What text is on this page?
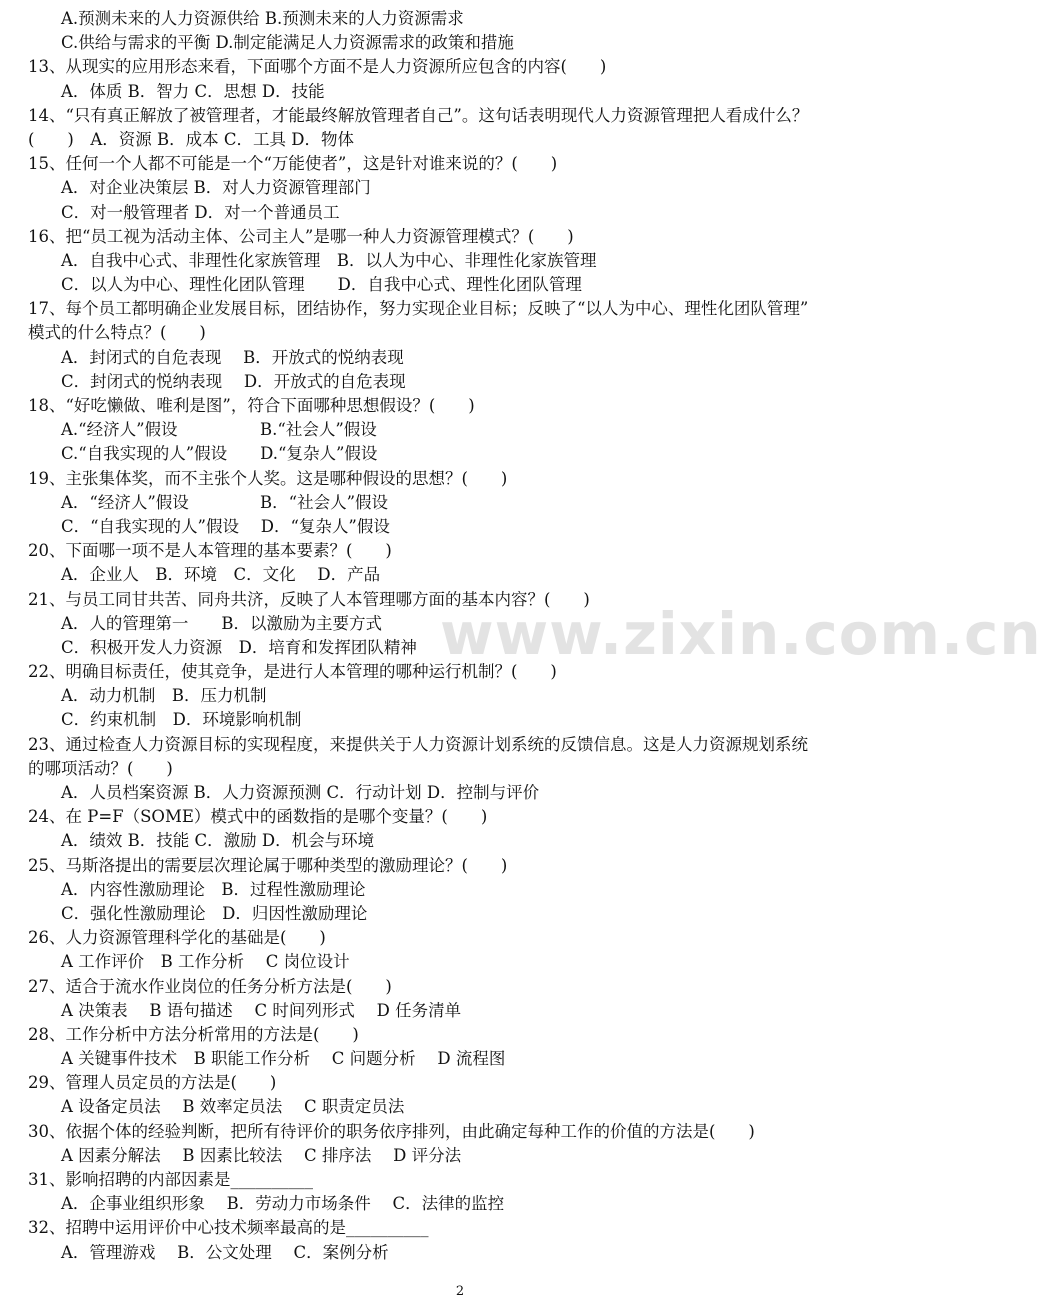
www.zixin.com.cn
A.预测未来的人力资源供给 B.预测未来的人力资源需求
C.供给与需求的平衡 D.制定能满足人力资源需求的政策和措施
13、从现实的应用形态来看，下面哪个方面不是人力资源所应包含的内容(　　)
A．体质 B．智力 C．思想 D．技能
14、“只有真正解放了被管理者，才能最终解放管理者自己”。这句话表明现代人力资源管理把人看成什么？
(　　)　A．资源 B．成本 C．工具 D．物体
15、任何一个人都不可能是一个“万能使者”，这是针对谁来说的？(　　)
A．对企业决策层 B．对人力资源管理部门
C．对一般管理者 D．对一个普通员工
16、把“员工视为活动主体、公司主人”是哪一种人力资源管理模式？(　　)
A．自我中心式、非理性化家族管理　B．以人为中心、非理性化家族管理
C．以人为中心、理性化团队管理　　D．自我中心式、理性化团队管理
17、每个员工都明确企业发展目标，团结协作，努力实现企业目标；反映了“以人为中心、理性化团队管理”
模式的什么特点？(　　)
A．封闭式的自危表现　 B．开放式的悦纳表现
C．封闭式的悦纳表现　 D．开放式的自危表现
18、“好吃懒做、唯利是图”，符合下面哪种思想假设？(　　)
A.“经济人”假设　　　　　B.“社会人”假设
C.“自我实现的人”假设　　D.“复杂人”假设
19、主张集体奖，而不主张个人奖。这是哪种假设的思想？(　　)
A．“经济人”假设　　　　 B．“社会人”假设
C．“自我实现的人”假设　 D．“复杂人”假设
20、下面哪一项不是人本管理的基本要素？(　　)
A．企业人　B．环境　C．文化　 D．产品
21、与员工同甘共苦、同舟共济，反映了人本管理哪方面的基本内容？(　　)
A．人的管理第一　　B．以激励为主要方式
C．积极开发人力资源　D．培育和发挥团队精神
22、明确目标责任，使其竞争，是进行人本管理的哪种运行机制？(　　)
A．动力机制　B．压力机制
C．约束机制　D．环境影响机制
23、通过检查人力资源目标的实现程度，来提供关于人力资源计划系统的反馈信息。这是人力资源规划系统
的哪项活动？(　　)
A．人员档案资源 B．人力资源预测 C．行动计划 D．控制与评价
24、在 P=F（SOME）模式中的函数指的是哪个变量？(　　)
A．绩效 B．技能 C．激励 D．机会与环境
25、马斯洛提出的需要层次理论属于哪种类型的激励理论？(　　)
A．内容性激励理论　B．过程性激励理论
C．强化性激励理论　D．归因性激励理论
26、人力资源管理科学化的基础是(　　)
A 工作评价　B 工作分析　 C 岗位设计
27、适合于流水作业岗位的任务分析方法是(　　)
A 决策表　 B 语句描述　 C 时间列形式　 D 任务清单
28、工作分析中方法分析常用的方法是(　　)
A 关键事件技术　B 职能工作分析　 C 问题分析　 D 流程图
29、管理人员定员的方法是(　　)
A 设备定员法　 B 效率定员法　 C 职责定员法
30、依据个体的经验判断，把所有待评价的职务依序排列，由此确定每种工作的价值的方法是(　　)
A 因素分解法　 B 因素比较法　 C 排序法　 D 评分法
31、影响招聘的内部因素是__________
A．企事业组织形象　 B．劳动力市场条件　 C．法律的监控
32、招聘中运用评价中心技术频率最高的是__________
A．管理游戏　 B．公文处理　 C．案例分析
2
